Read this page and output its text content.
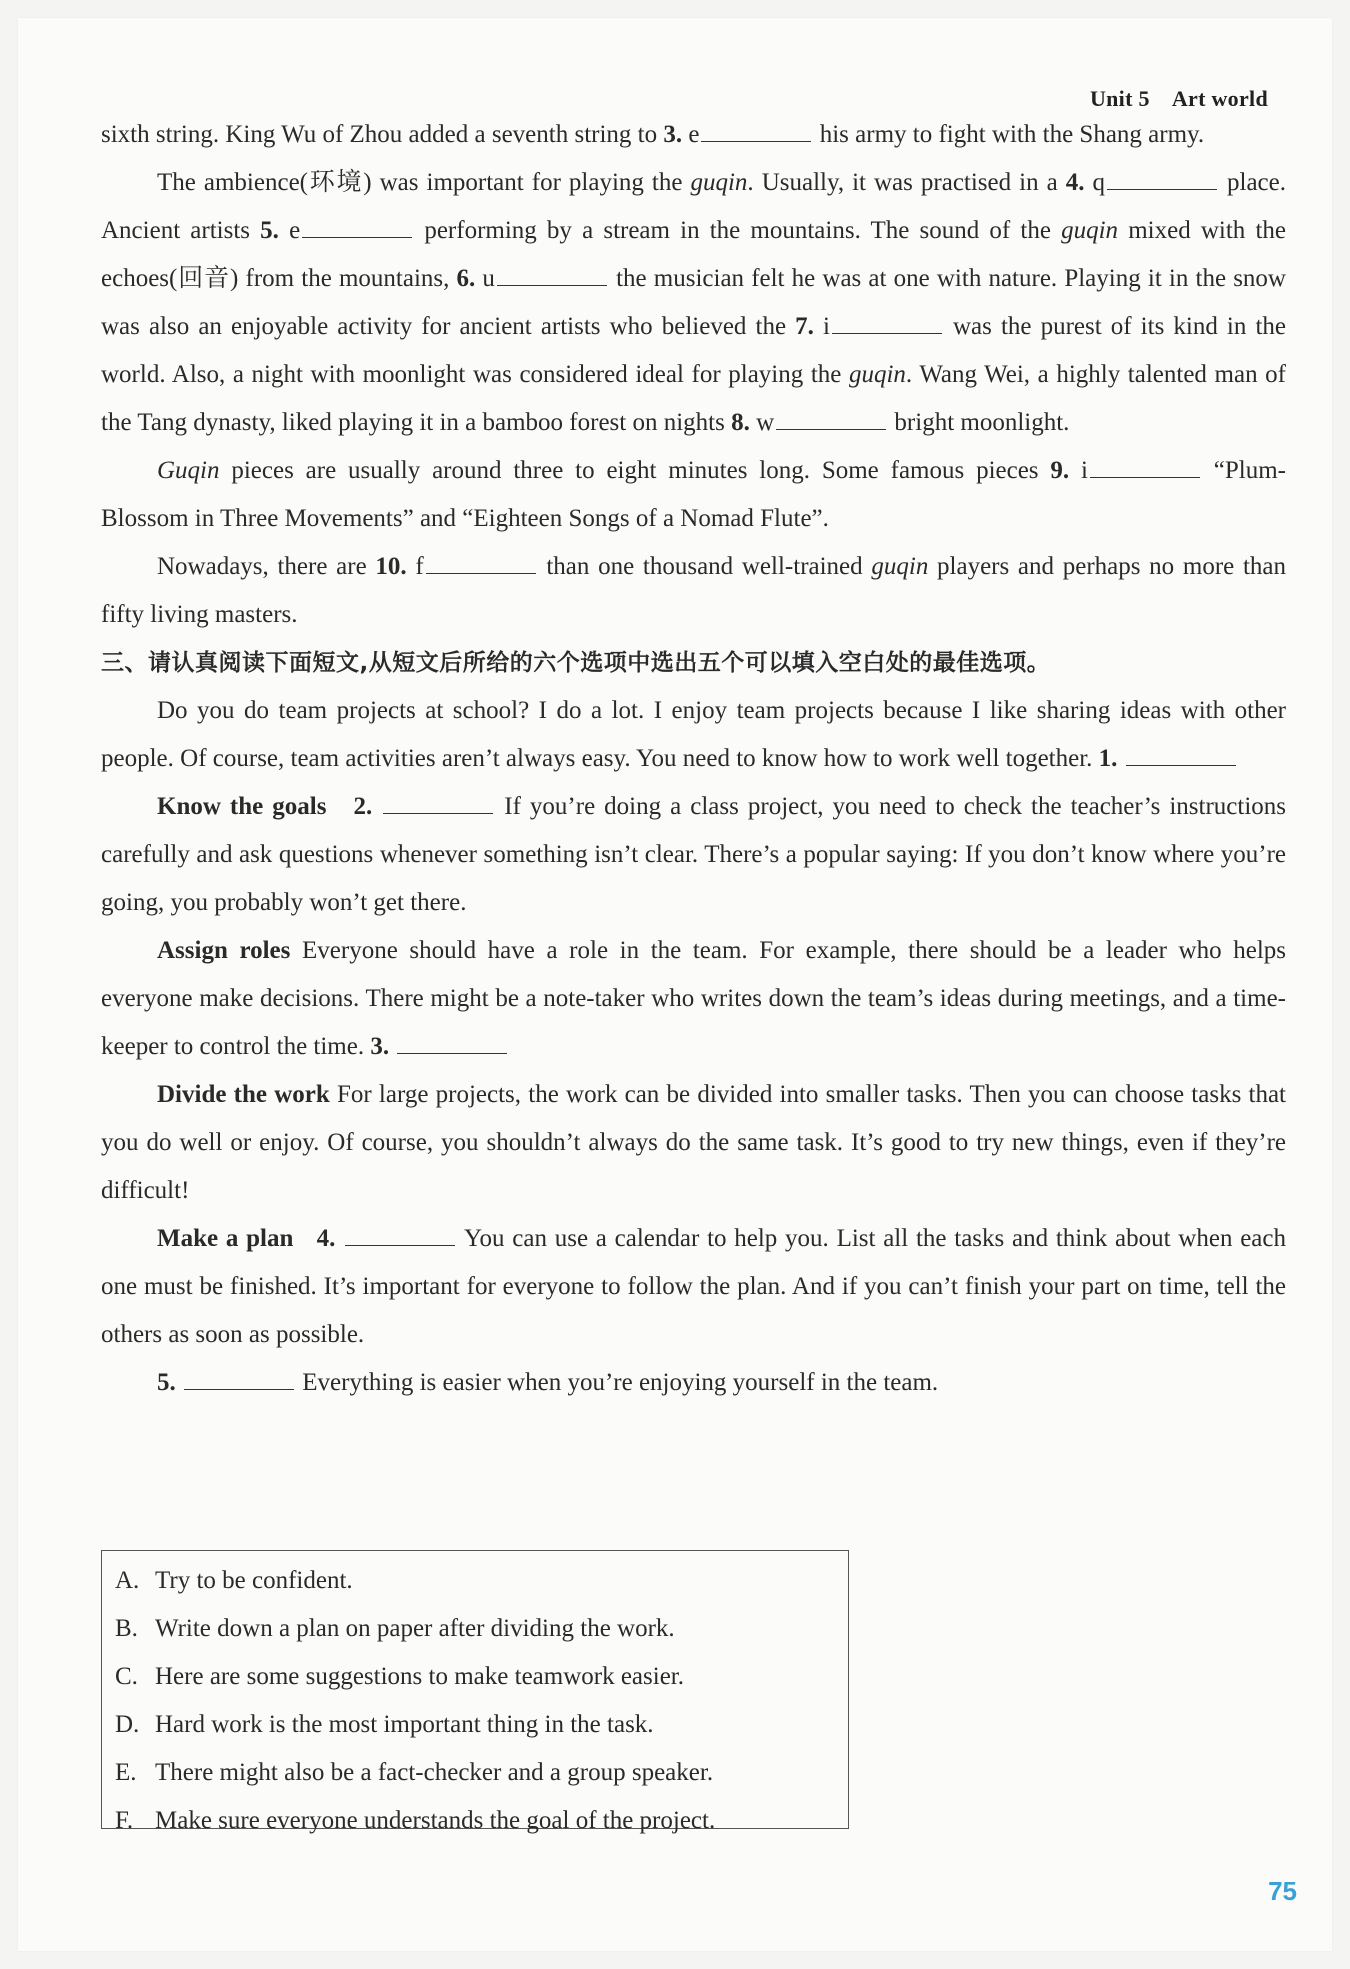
Unit 5 Art world

sixth string. King Wu of Zhou added a seventh string to 3. e	his army to fight with the Shang army.

The ambience(环境) was important for playing the guqin. Usually, it was practised in a 4. q	place. Ancient artists 5. e	performing by a stream in the mountains. The sound of the guqin mixed with the echoes(回音) from the mountains, 6. u	the musician felt he was at one with nature. Playing it in the snow was also an enjoyable activity for ancient artists who believed the 7. i	was the purest of its kind in the world. Also, a night with moonlight was considered ideal for playing the guqin. Wang Wei, a highly talented man of the Tang dynasty, liked playing it in a bamboo forest on nights 8. w	bright moonlight.

Guqin pieces are usually around three to eight minutes long. Some famous pieces 9. i	“Plum-Blossom in Three Movements” and “Eighteen Songs of a Nomad Flute”.

Nowadays, there are 10. f	than one thousand well-trained guqin players and perhaps no more than fifty living masters.

三、请认真阅读下面短文,从短文后所给的六个选项中选出五个可以填入空白处的最佳选项。

Do you do team projects at school? I do a lot. I enjoy team projects because I like sharing ideas with other people. Of course, team activities aren’t always easy. You need to know how to work well together. 1.

Know the goals 2.	If you’re doing a class project, you need to check the teacher’s instructions carefully and ask questions whenever something isn’t clear. There’s a popular saying: If you don’t know where you’re going, you probably won’t get there.

Assign roles Everyone should have a role in the team. For example, there should be a leader who helps everyone make decisions. There might be a note-taker who writes down the team’s ideas during meetings, and a time-keeper to control the time. 3.

Divide the work For large projects, the work can be divided into smaller tasks. Then you can choose tasks that you do well or enjoy. Of course, you shouldn’t always do the same task. It’s good to try new things, even if they’re difficult!

Make a plan 4.	You can use a calendar to help you. List all the tasks and think about when each one must be finished. It’s important for everyone to follow the plan. And if you can’t finish your part on time, tell the others as soon as possible.

5.	Everything is easier when you’re enjoying yourself in the team.

A. Try to be confident.
B. Write down a plan on paper after dividing the work.
C. Here are some suggestions to make teamwork easier.
D. Hard work is the most important thing in the task.
E. There might also be a fact-checker and a group speaker.
F. Make sure everyone understands the goal of the project.
75
